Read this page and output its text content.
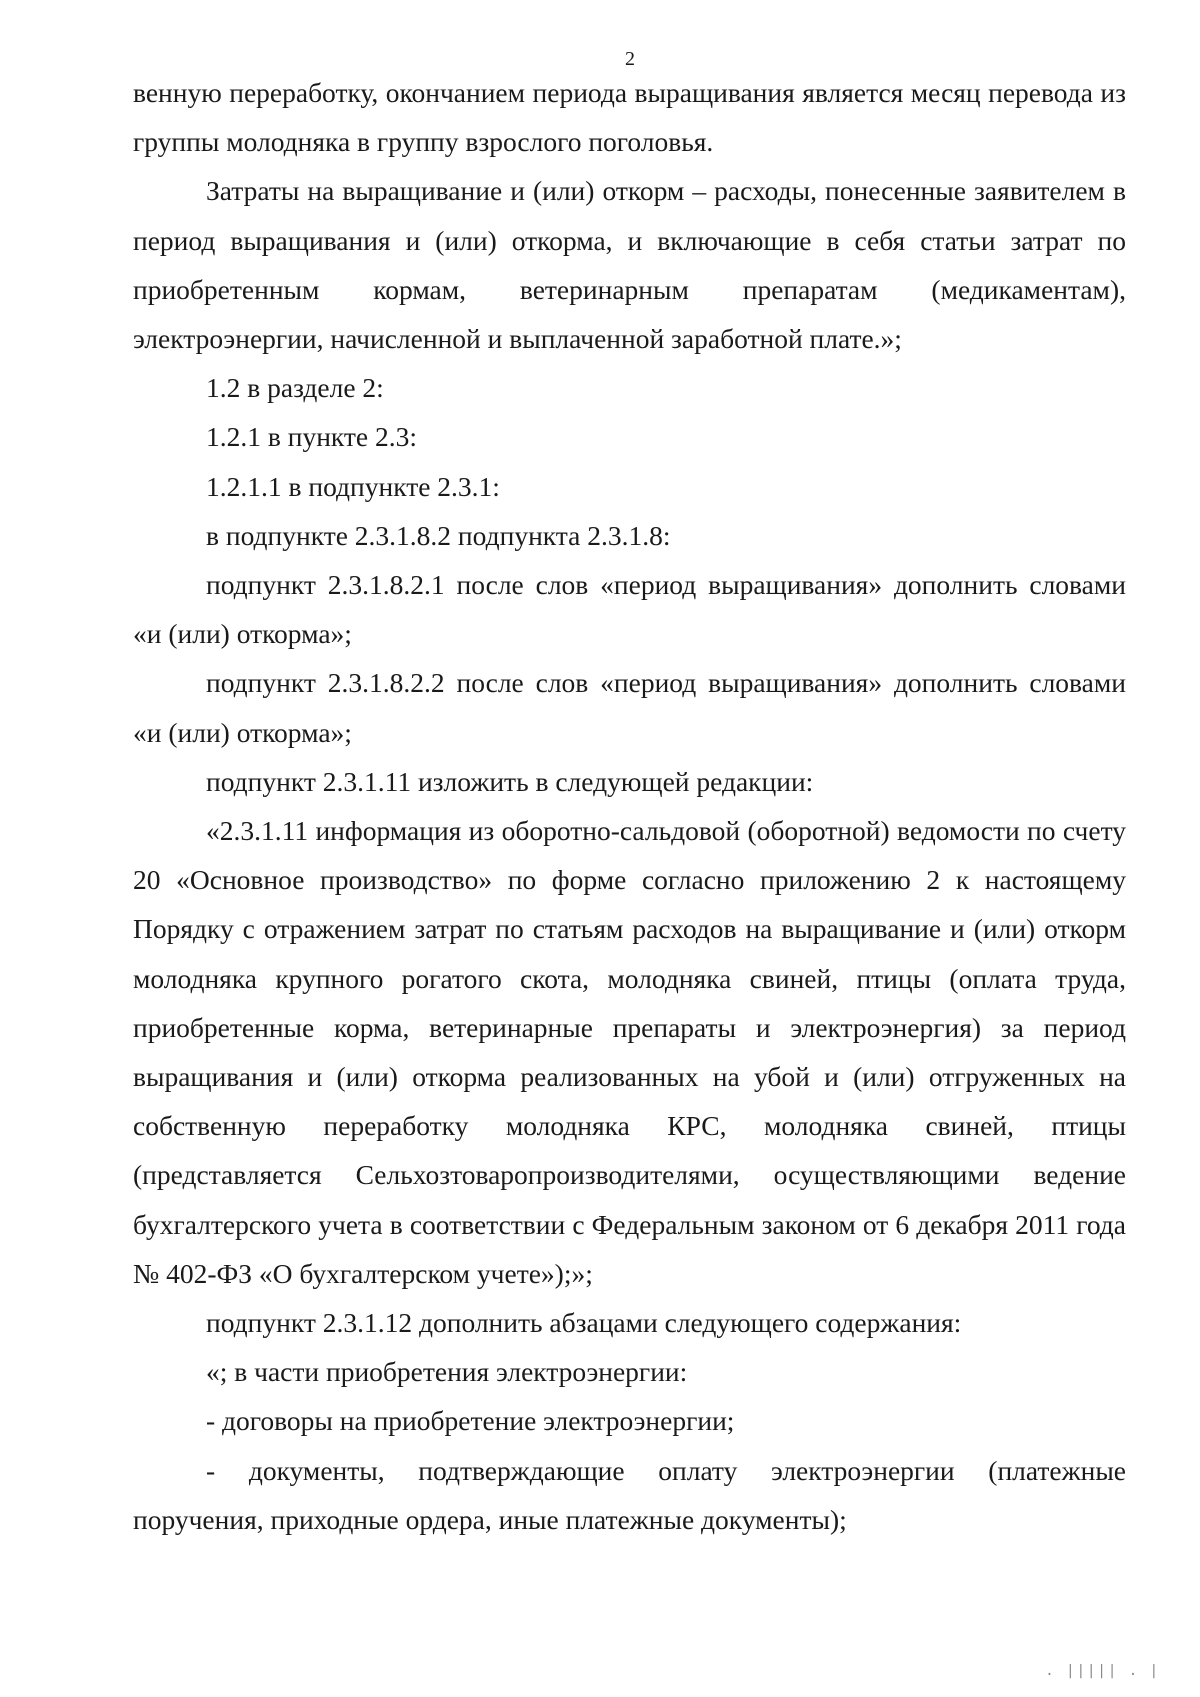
2

венную переработку, окончанием периода выращивания является месяц перевода из группы молодняка в группу взрослого поголовья.

Затраты на выращивание и (или) откорм – расходы, понесенные заявителем в период выращивания и (или) откорма, и включающие в себя статьи затрат по приобретенным кормам, ветеринарным препаратам (медикаментам), электроэнергии, начисленной и выплаченной заработной плате.»;

1.2 в разделе 2:

1.2.1 в пункте 2.3:

1.2.1.1 в подпункте 2.3.1:

в подпункте 2.3.1.8.2 подпункта 2.3.1.8:

подпункт 2.3.1.8.2.1 после слов «период выращивания» дополнить словами «и (или) откорма»;

подпункт 2.3.1.8.2.2 после слов «период выращивания» дополнить словами «и (или) откорма»;

подпункт 2.3.1.11 изложить в следующей редакции:

«2.3.1.11 информация из оборотно-сальдовой (оборотной) ведомости по счету 20 «Основное производство» по форме согласно приложению 2 к настоящему Порядку с отражением затрат по статьям расходов на выращивание и (или) откорм молодняка крупного рогатого скота, молодняка свиней, птицы (оплата труда, приобретенные корма, ветеринарные препараты и электроэнергия) за период выращивания и (или) откорма реализованных на убой и (или) отгруженных на собственную переработку молодняка КРС, молодняка свиней, птицы (представляется Сельхозтоваропроизводителями, осуществляющими ведение бухгалтерского учета в соответствии с Федеральным законом от 6 декабря 2011 года № 402-ФЗ «О бухгалтерском учете»);»;

подпункт 2.3.1.12 дополнить абзацами следующего содержания:

«; в части приобретения электроэнергии:

- договоры на приобретение электроэнергии;

- документы, подтверждающие оплату электроэнергии (платежные поручения, приходные ордера, иные платежные документы);

. ||||| . |
